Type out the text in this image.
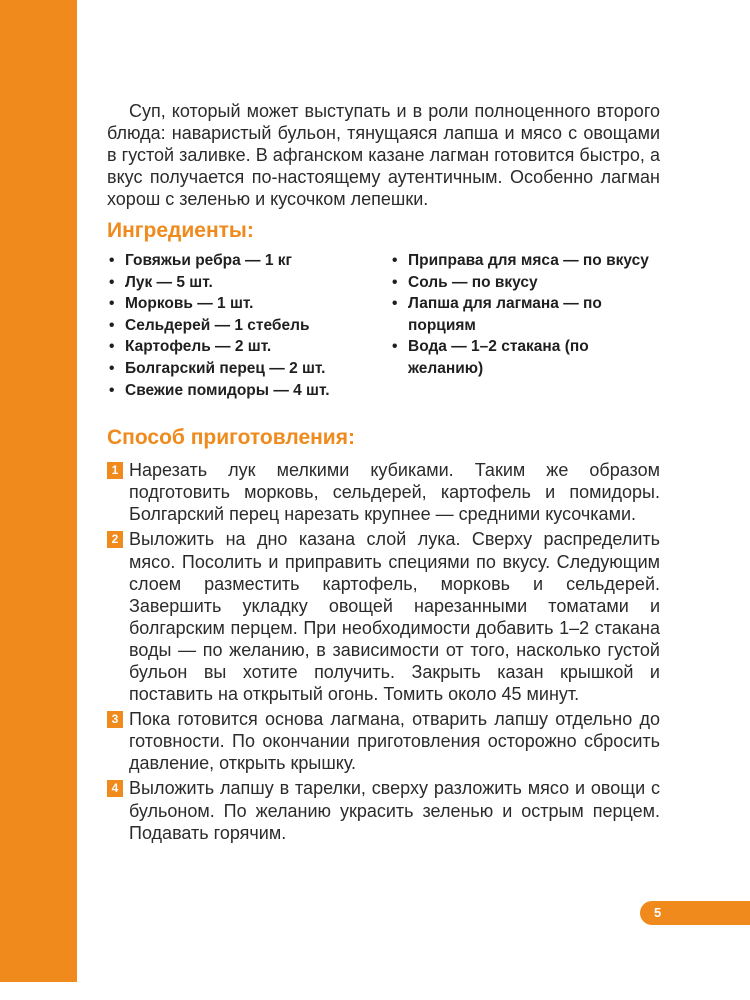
Суп, который может выступать и в роли полноценного второго блюда: наваристый бульон, тянущаяся лапша и мясо с овощами в густой заливке. В афганском казане лагман готовится быстро, а вкус получается по-настоящему аутентичным. Особенно лагман хорош с зеленью и кусочком лепешки.

Ингредиенты:
• Говяжьи ребра — 1 кг
• Лук — 5 шт.
• Морковь — 1 шт.
• Сельдерей — 1 стебель
• Картофель — 2 шт.
• Болгарский перец — 2 шт.
• Свежие помидоры — 4 шт.
• Приправа для мяса — по вкусу
• Соль — по вкусу
• Лапша для лагмана — по порциям
• Вода — 1–2 стакана (по желанию)
Способ приготовления:
1 Нарезать лук мелкими кубиками. Таким же образом подготовить морковь, сельдерей, картофель и помидоры. Болгарский перец нарезать крупнее — средними кусочками.

2 Выложить на дно казана слой лука. Сверху распределить мясо. Посолить и приправить специями по вкусу. Следующим слоем разместить картофель, морковь и сельдерей. Завершить укладку овощей нарезанными томатами и болгарским перцем. При необходимости добавить 1–2 стакана воды — по желанию, в зависимости от того, насколько густой бульон вы хотите получить. Закрыть казан крышкой и поставить на открытый огонь. Томить около 45 минут.

3 Пока готовится основа лагмана, отварить лапшу отдельно до готовности. По окончании приготовления осторожно сбросить давление, открыть крышку.

4 Выложить лапшу в тарелки, сверху разложить мясо и овощи с бульоном. По желанию украсить зеленью и острым перцем. Подавать горячим.

5
